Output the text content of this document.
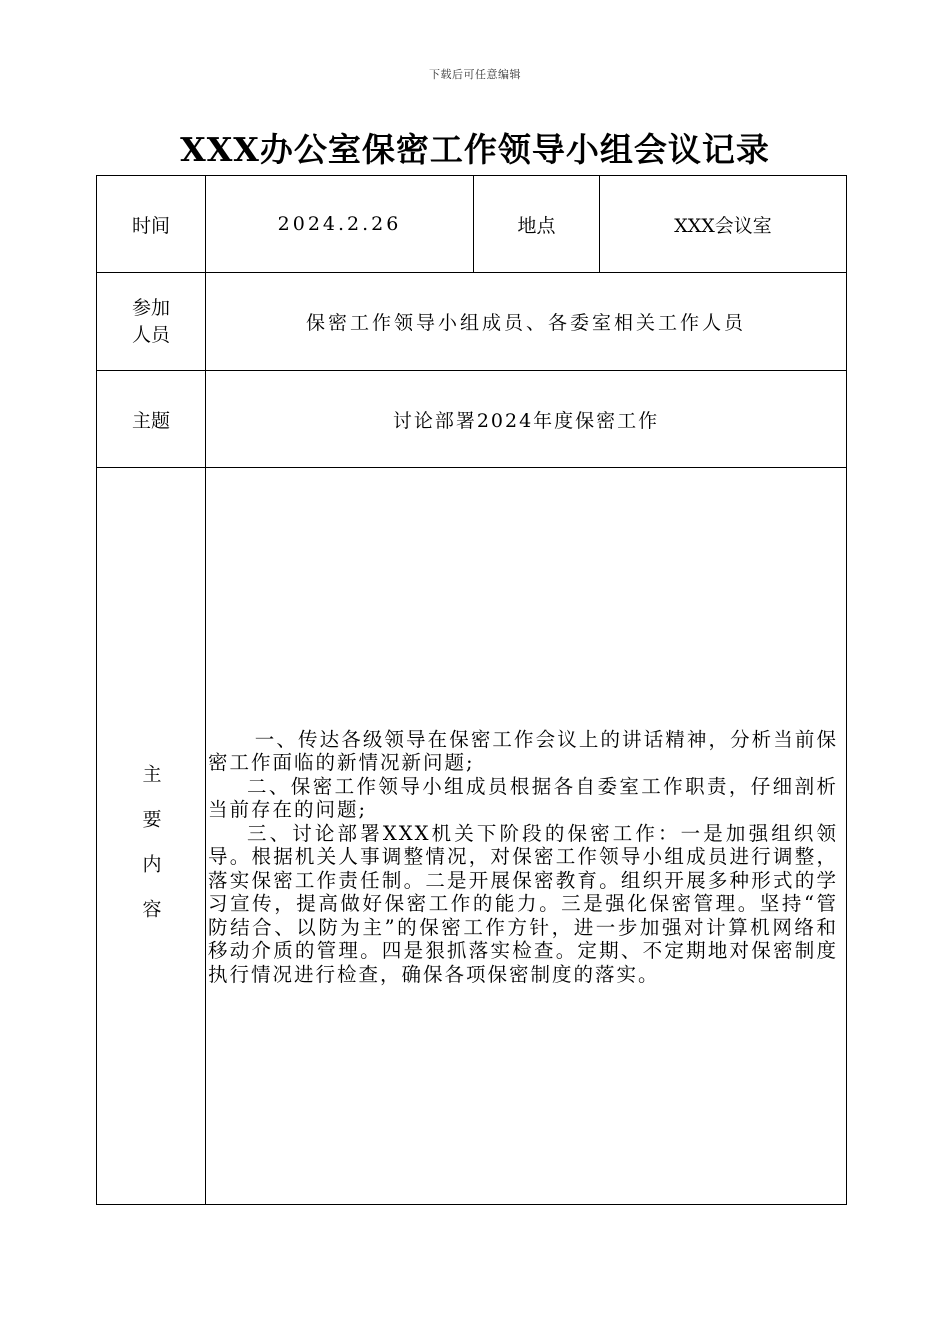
下载后可任意编辑
XXX办公室保密工作领导小组会议记录
时间	2024.2.26	地点	XXX会议室
参加
人员	保密工作领导小组成员、各委室相关工作人员		
主题	讨论部署2024年度保密工作		
主要内容	一、传达各级领导在保密工作会议上的讲话精神，分析当前保密工作面临的新情况新问题;

二、保密工作领导小组成员根据各自委室工作职责，仔细剖析当前存在的问题;

三、讨论部署XXX机关下阶段的保密工作：一是加强组织领导。根据机关人事调整情况，对保密工作领导小组成员进行调整，落实保密工作责任制。二是开展保密教育。组织开展多种形式的学习宣传，提高做好保密工作的能力。三是强化保密管理。坚持“管防结合、以防为主”的保密工作方针，进一步加强对计算机网络和移动介质的管理。四是狠抓落实检查。定期、不定期地对保密制度执行情况进行检查，确保各项保密制度的落实。		
